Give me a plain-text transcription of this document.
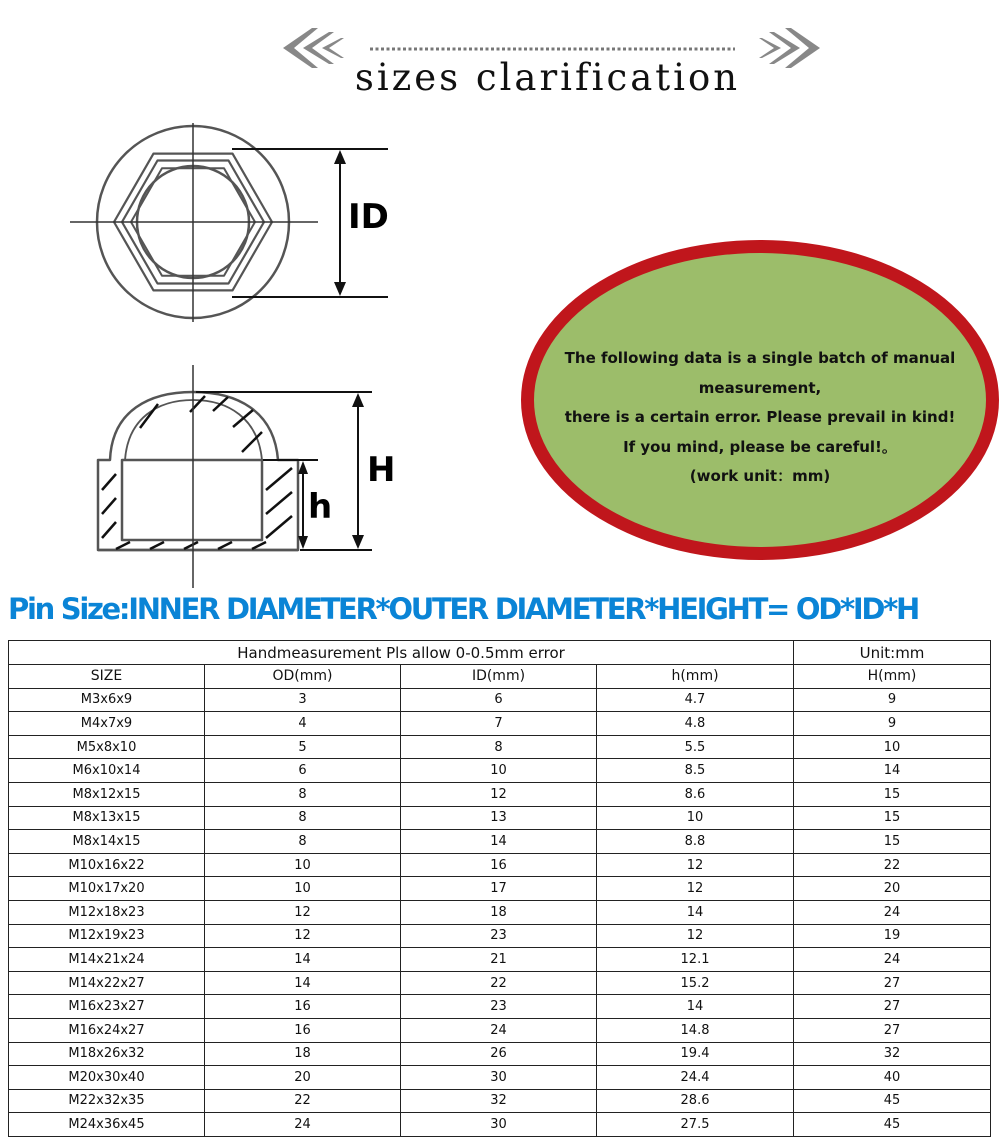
sizes clarification
ID
H
h
The following data is a single batch of manual
measurement,
there is a certain error. Please prevail in kind!
If you mind, please be careful!。
(work unit：mm)
Pin Size:INNER DIAMETER*OUTER DIAMETER*HEIGHT= OD*ID*H
Handmeasurement Pls allow 0-0.5mm error				Unit:mm
SIZE	OD(mm)	ID(mm)	h(mm)	H(mm)
M3x6x9	3	6	4.7	9
M4x7x9	4	7	4.8	9
M5x8x10	5	8	5.5	10
M6x10x14	6	10	8.5	14
M8x12x15	8	12	8.6	15
M8x13x15	8	13	10	15
M8x14x15	8	14	8.8	15
M10x16x22	10	16	12	22
M10x17x20	10	17	12	20
M12x18x23	12	18	14	24
M12x19x23	12	23	12	19
M14x21x24	14	21	12.1	24
M14x22x27	14	22	15.2	27
M16x23x27	16	23	14	27
M16x24x27	16	24	14.8	27
M18x26x32	18	26	19.4	32
M20x30x40	20	30	24.4	40
M22x32x35	22	32	28.6	45
M24x36x45	24	30	27.5	45
